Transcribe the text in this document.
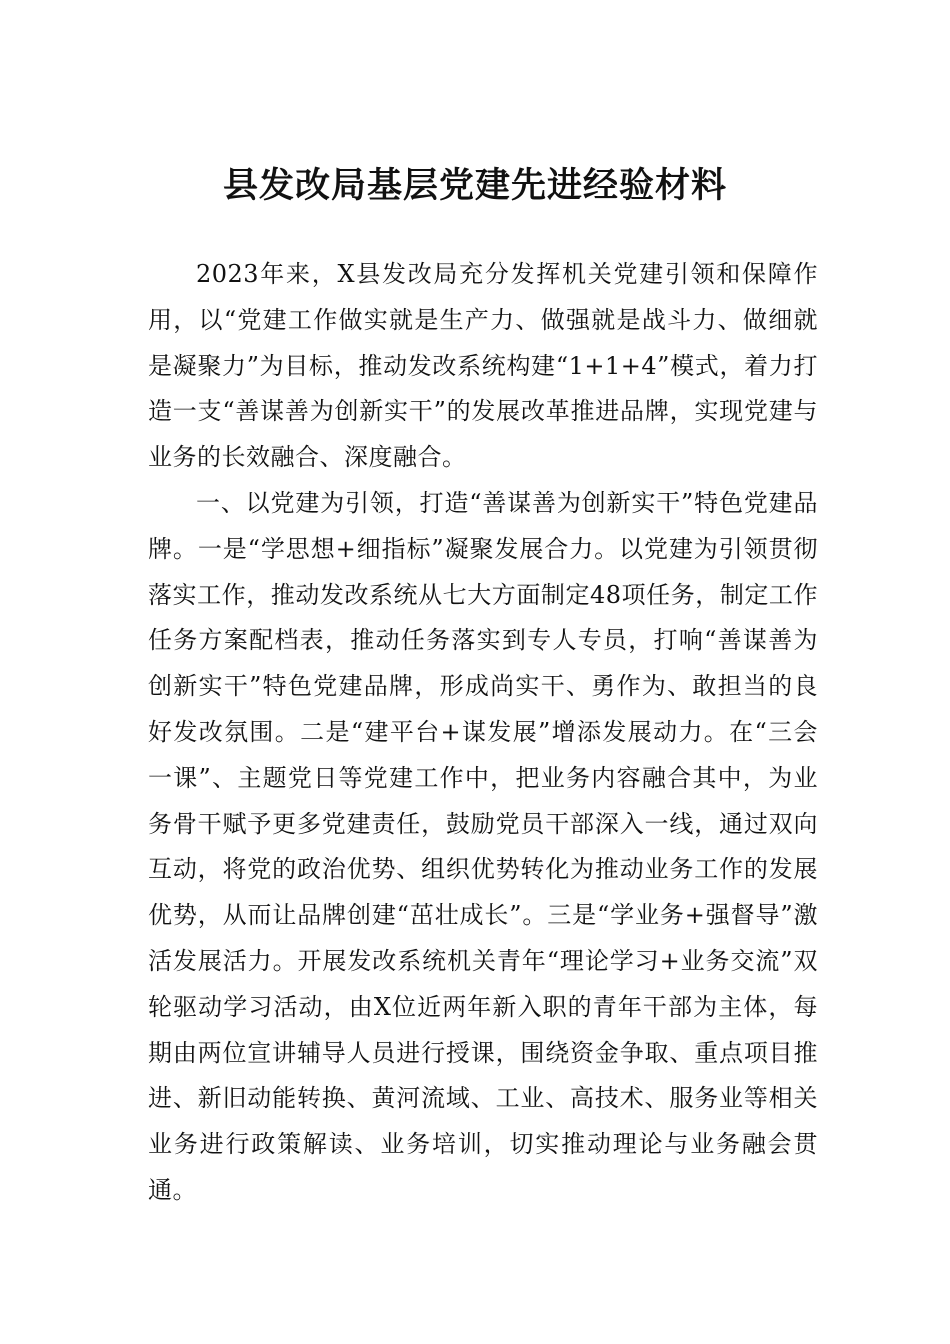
县发改局基层党建先进经验材料

2023年来，X县发改局充分发挥机关党建引领和保障作用，以“党建工作做实就是生产力、做强就是战斗力、做细就是凝聚力”为目标，推动发改系统构建“1+1+4”模式，着力打造一支“善谋善为创新实干”的发展改革推进品牌，实现党建与业务的长效融合、深度融合。

一、以党建为引领，打造“善谋善为创新实干”特色党建品牌。一是“学思想+细指标”凝聚发展合力。以党建为引领贯彻落实工作，推动发改系统从七大方面制定48项任务，制定工作任务方案配档表，推动任务落实到专人专员，打响“善谋善为创新实干”特色党建品牌，形成尚实干、勇作为、敢担当的良好发改氛围。二是“建平台+谋发展”增添发展动力。在“三会一课”、主题党日等党建工作中，把业务内容融合其中，为业务骨干赋予更多党建责任，鼓励党员干部深入一线，通过双向互动，将党的政治优势、组织优势转化为推动业务工作的发展优势，从而让品牌创建“茁壮成长”。三是“学业务+强督导”激活发展活力。开展发改系统机关青年“理论学习+业务交流”双轮驱动学习活动，由X位近两年新入职的青年干部为主体，每期由两位宣讲辅导人员进行授课，围绕资金争取、重点项目推进、新旧动能转换、黄河流域、工业、高技术、服务业等相关业务进行政策解读、业务培训，切实推动理论与业务融会贯通。
